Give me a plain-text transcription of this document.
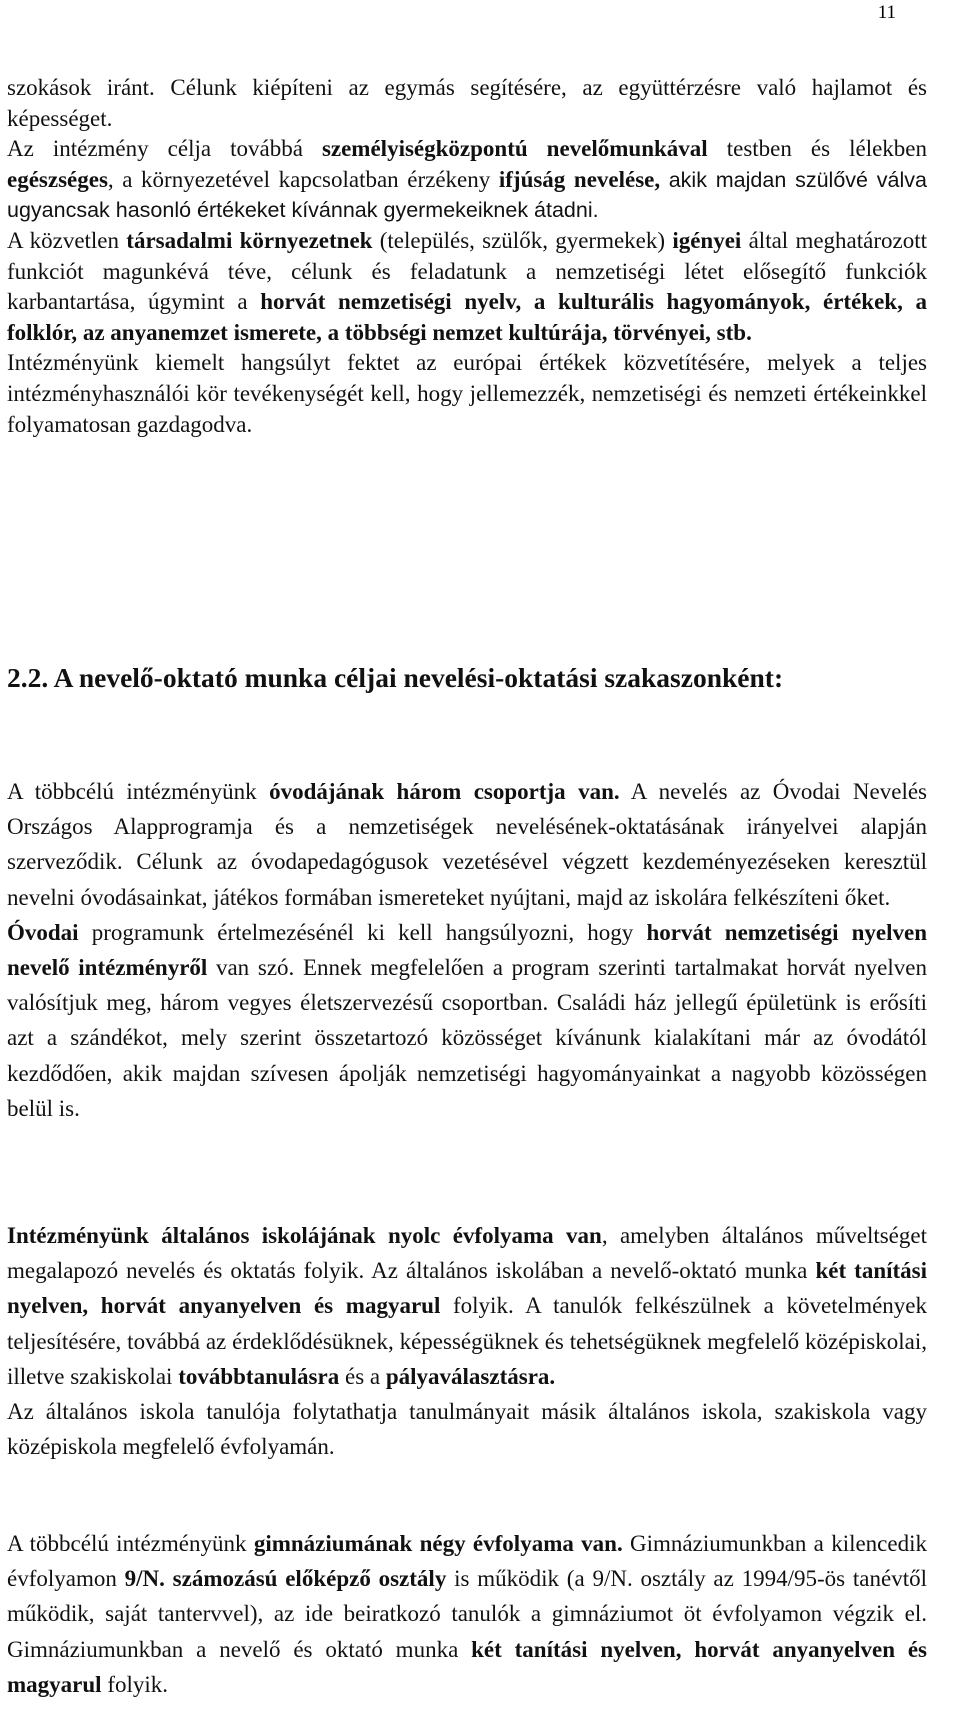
11

szokások iránt. Célunk kiépíteni az egymás segítésére, az együttérzésre való hajlamot és képességet.

Az intézmény célja továbbá személyiségközpontú nevelőmunkával testben és lélekben egészséges, a környezetével kapcsolatban érzékeny ifjúság nevelése, akik majdan szülővé válva ugyancsak hasonló értékeket kívánnak gyermekeiknek átadni.

A közvetlen társadalmi környezetnek (település, szülők, gyermekek) igényei által meghatározott funkciót magunkévá téve, célunk és feladatunk a nemzetiségi létet elősegítő funkciók karbantartása, úgymint a horvát nemzetiségi nyelv, a kulturális hagyományok, értékek, a folklór, az anyanemzet ismerete, a többségi nemzet kultúrája, törvényei, stb.

Intézményünk kiemelt hangsúlyt fektet az európai értékek közvetítésére, melyek a teljes intézményhasználói kör tevékenységét kell, hogy jellemezzék, nemzetiségi és nemzeti értékeinkkel folyamatosan gazdagodva.

2.2. A nevelő-oktató munka céljai nevelési-oktatási szakaszonként:

A többcélú intézményünk óvodájának három csoportja van. A nevelés az Óvodai Nevelés Országos Alapprogramja és a nemzetiségek nevelésének-oktatásának irányelvei alapján szerveződik. Célunk az óvodapedagógusok vezetésével végzett kezdeményezéseken keresztül nevelni óvodásainkat, játékos formában ismereteket nyújtani, majd az iskolára felkészíteni őket.

Óvodai programunk értelmezésénél ki kell hangsúlyozni, hogy horvát nemzetiségi nyelven nevelő intézményről van szó. Ennek megfelelően a program szerinti tartalmakat horvát nyelven valósítjuk meg, három vegyes életszervezésű csoportban. Családi ház jellegű épületünk is erősíti azt a szándékot, mely szerint összetartozó közösséget kívánunk kialakítani már az óvodától kezdődően, akik majdan szívesen ápolják nemzetiségi hagyományainkat a nagyobb közösségen belül is.

Intézményünk általános iskolájának nyolc évfolyama van, amelyben általános műveltséget megalapozó nevelés és oktatás folyik. Az általános iskolában a nevelő-oktató munka két tanítási nyelven, horvát anyanyelven és magyarul folyik. A tanulók felkészülnek a követelmények teljesítésére, továbbá az érdeklődésüknek, képességüknek és tehetségüknek megfelelő középiskolai, illetve szakiskolai továbbtanulásra és a pályaválasztásra.

Az általános iskola tanulója folytathatja tanulmányait másik általános iskola, szakiskola vagy középiskola megfelelő évfolyamán.

A többcélú intézményünk gimnáziumának négy évfolyama van. Gimnáziumunkban a kilencedik évfolyamon 9/N. számozású előképző osztály is működik (a 9/N. osztály az 1994/95-ös tanévtől működik, saját tantervvel), az ide beiratkozó tanulók a gimnáziumot öt évfolyamon végzik el. Gimnáziumunkban a nevelő és oktató munka két tanítási nyelven, horvát anyanyelven és magyarul folyik.
